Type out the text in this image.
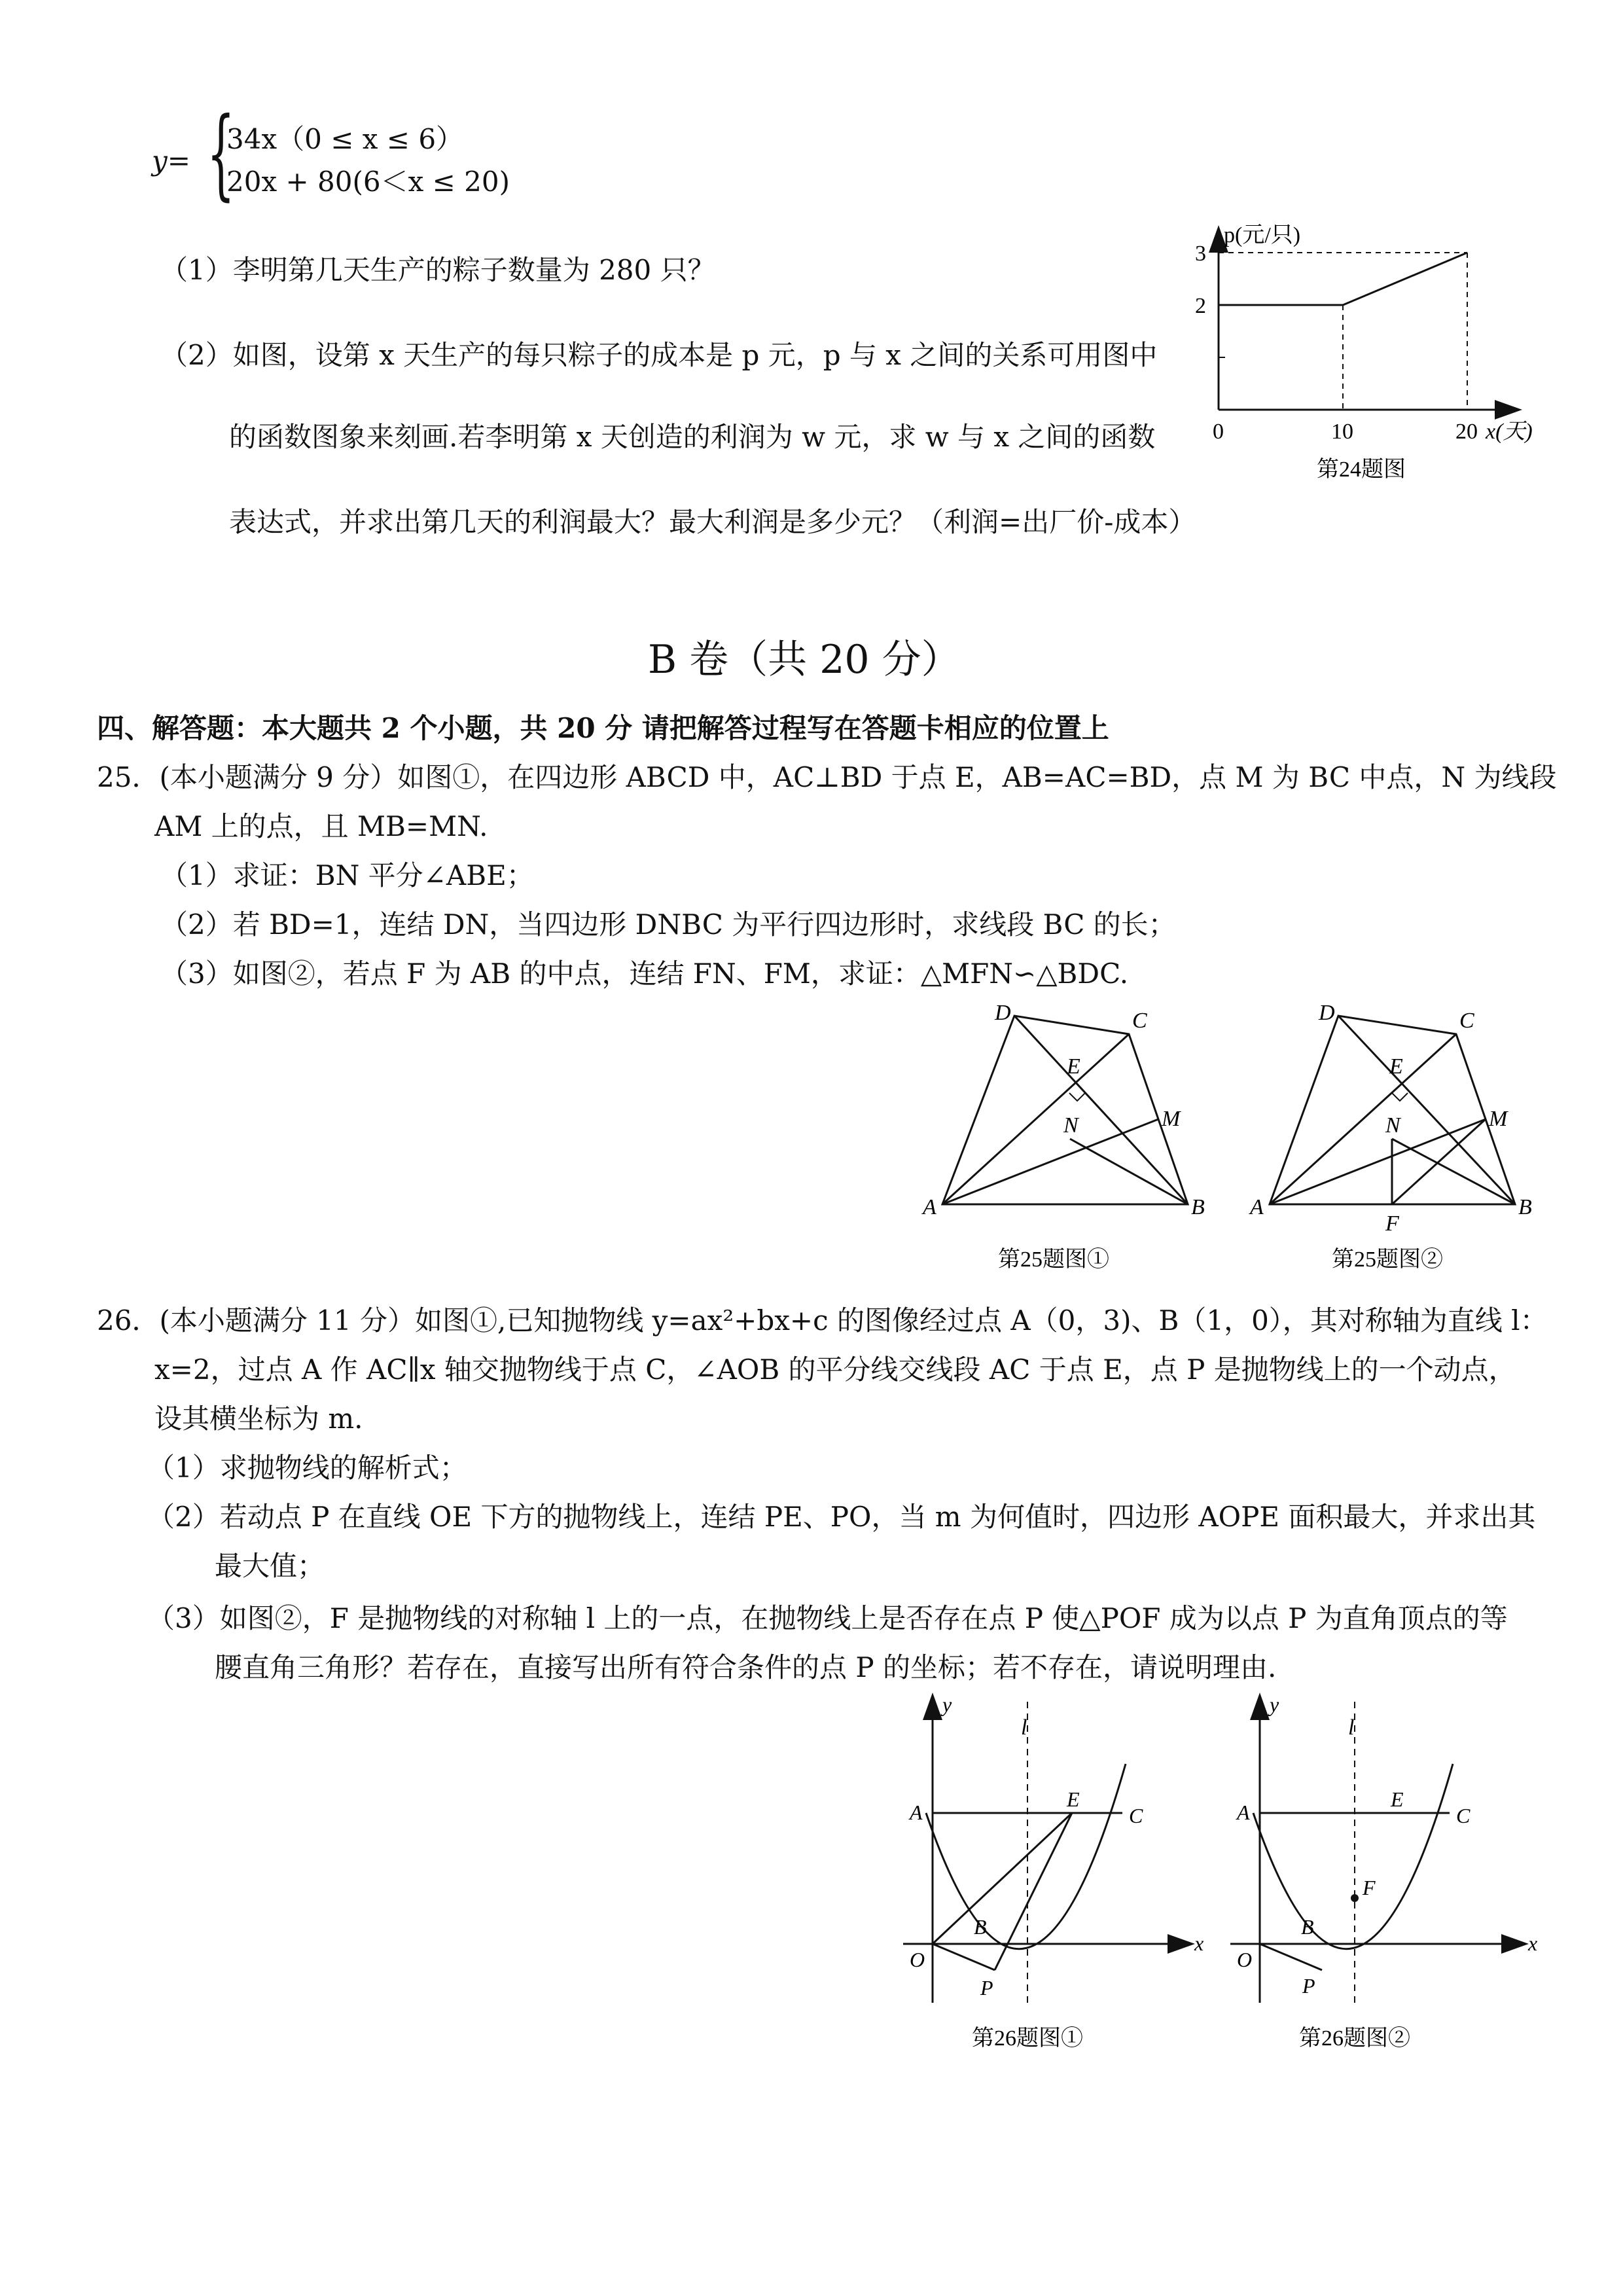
y= {
34x（0 ≤ x ≤ 6）
20x + 80(6＜x ≤ 20)
（1）李明第几天生产的粽子数量为 280 只？
（2）如图，设第 x 天生产的每只粽子的成本是 p 元，p 与 x 之间的关系可用图中
的函数图象来刻画.若李明第 x 天创造的利润为 w 元，求 w 与 x 之间的函数
表达式，并求出第几天的利润最大？最大利润是多少元？（利润=出厂价-成本）
0	10	20
2
3
p(元/只)
x(天)
第24题图
B 卷（共 20 分）
四、解答题：本大题共 2 个小题，共 20 分 请把解答过程写在答题卡相应的位置上
25．(本小题满分 9 分）如图①，在四边形 ABCD 中，AC⊥BD 于点 E，AB=AC=BD，点 M 为 BC 中点，N 为线段
AM 上的点，且 MB=MN.
（1）求证：BN 平分∠ABE；
（2）若 BD=1，连结 DN，当四边形 DNBC 为平行四边形时，求线段 BC 的长；
（3）如图②，若点 F 为 AB 的中点，连结 FN、FM，求证：△MFN∽△BDC.
A	B
C
D
E
M
N
第25题图①
A	B
C
D
E
M
N
F
第25题图②
26．(本小题满分 11 分）如图①,已知抛物线 y=ax²+bx+c 的图像经过点 A（0，3)、B（1，0），其对称轴为直线 l：
x=2，过点 A 作 AC∥x 轴交抛物线于点 C，∠AOB 的平分线交线段 AC 于点 E，点 P 是抛物线上的一个动点，
设其横坐标为 m.
（1）求抛物线的解析式；
（2）若动点 P 在直线 OE 下方的抛物线上，连结 PE、PO，当 m 为何值时，四边形 AOPE 面积最大，并求出其
最大值；
（3）如图②，F 是抛物线的对称轴 l 上的一点，在抛物线上是否存在点 P 使△POF 成为以点 P 为直角顶点的等
腰直角三角形？若存在，直接写出所有符合条件的点 P 的坐标；若不存在，请说明理由.
y
x
l
A	C
E
O
B
P
第26题图①
y
x
l
A	C
E
F
O
B
P
第26题图②
